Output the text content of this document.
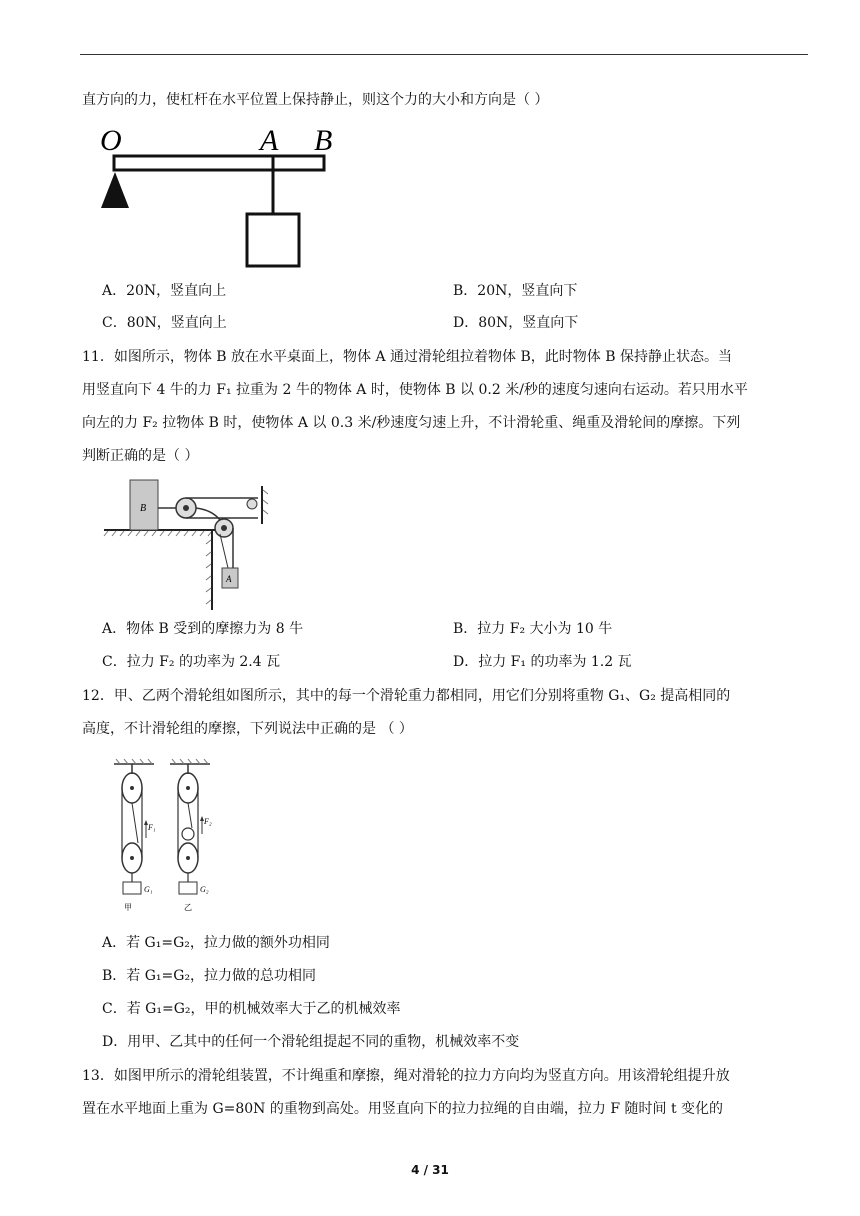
直方向的力，使杠杆在水平位置上保持静止，则这个力的大小和方向是（ ）
O	A B
A．20N，竖直向上	B．20N，竖直向下
C．80N，竖直向上	D．80N，竖直向下
11．如图所示，物体 B 放在水平桌面上，物体 A 通过滑轮组拉着物体 B，此时物体 B 保持静止状态。当
用竖直向下 4 牛的力 F₁ 拉重为 2 牛的物体 A 时，使物体 B 以 0.2 米/秒的速度匀速向右运动。若只用水平
向左的力 F₂ 拉物体 B 时，使物体 A 以 0.3 米/秒速度匀速上升，不计滑轮重、绳重及滑轮间的摩擦。下列
判断正确的是（ ）
B
A
A．物体 B 受到的摩擦力为 8 牛	B．拉力 F₂ 大小为 10 牛
C．拉力 F₂ 的功率为 2.4 瓦	D．拉力 F₁ 的功率为 1.2 瓦
12．甲、乙两个滑轮组如图所示，其中的每一个滑轮重力都相同，用它们分别将重物 G₁、G₂ 提高相同的
高度，不计滑轮组的摩擦，下列说法中正确的是 （ ）
F₁
G₁
甲
F₂
G₂
乙
A．若 G₁=G₂，拉力做的额外功相同
B．若 G₁=G₂，拉力做的总功相同
C．若 G₁=G₂，甲的机械效率大于乙的机械效率
D．用甲、乙其中的任何一个滑轮组提起不同的重物，机械效率不变
13．如图甲所示的滑轮组装置，不计绳重和摩擦，绳对滑轮的拉力方向均为竖直方向。用该滑轮组提升放
置在水平地面上重为 G=80N 的重物到高处。用竖直向下的拉力拉绳的自由端，拉力 F 随时间 t 变化的
4 / 31
